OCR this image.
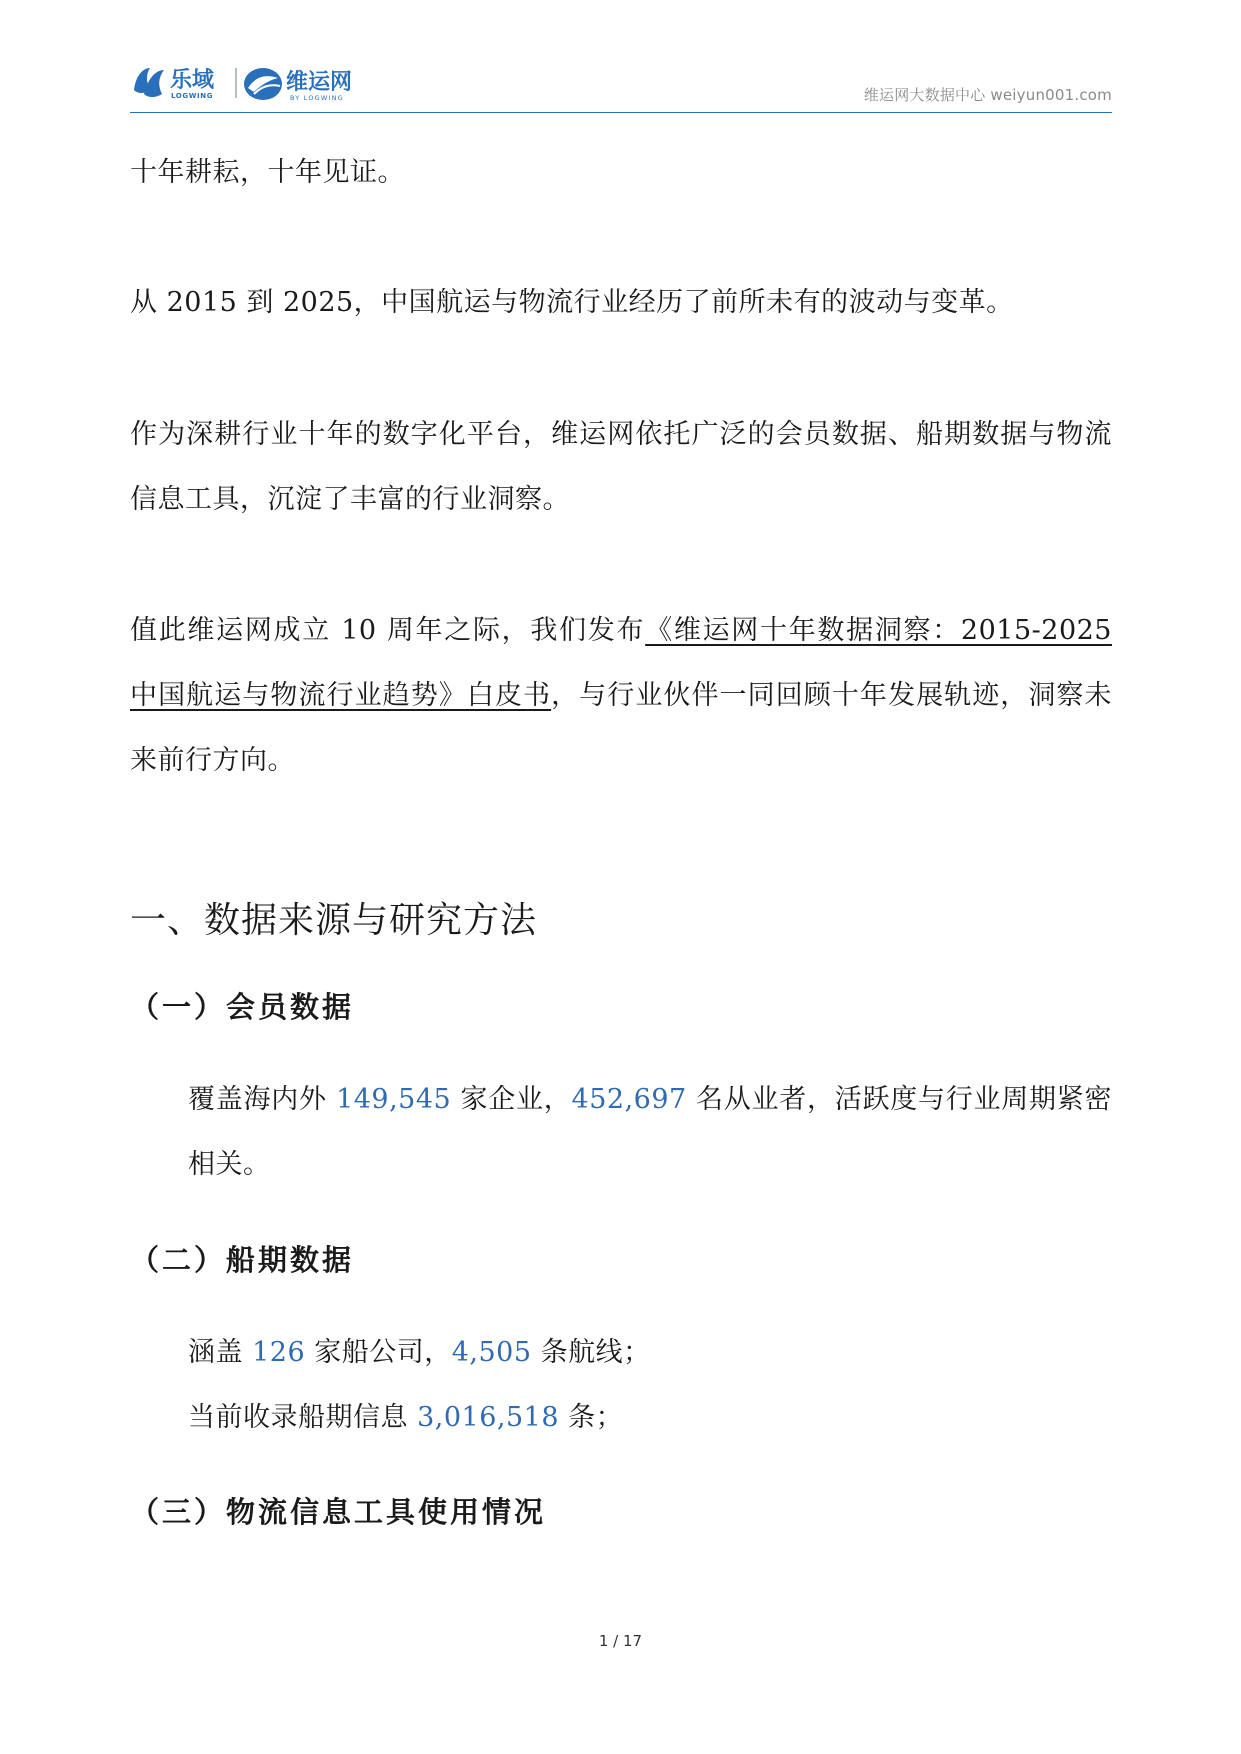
乐域
LOGWING
维运网
BY LOGWING	维运网大数据中心 weiyun001.com

十年耕耘，十年见证。

从 2015 到 2025，中国航运与物流行业经历了前所未有的波动与变革。

作为深耕行业十年的数字化平台，维运网依托广泛的会员数据、船期数据与物流信息工具，沉淀了丰富的行业洞察。

值此维运网成立 10 周年之际，我们发布《维运网十年数据洞察：2015-2025 中国航运与物流行业趋势》白皮书，与行业伙伴一同回顾十年发展轨迹，洞察未来前行方向。

一、数据来源与研究方法
（一）会员数据

覆盖海内外 149,545 家企业，452,697 名从业者，活跃度与行业周期紧密相关。

（二）船期数据

涵盖 126 家船公司，4,505 条航线；

当前收录船期信息 3,016,518 条；

（三）物流信息工具使用情况
1 / 17
